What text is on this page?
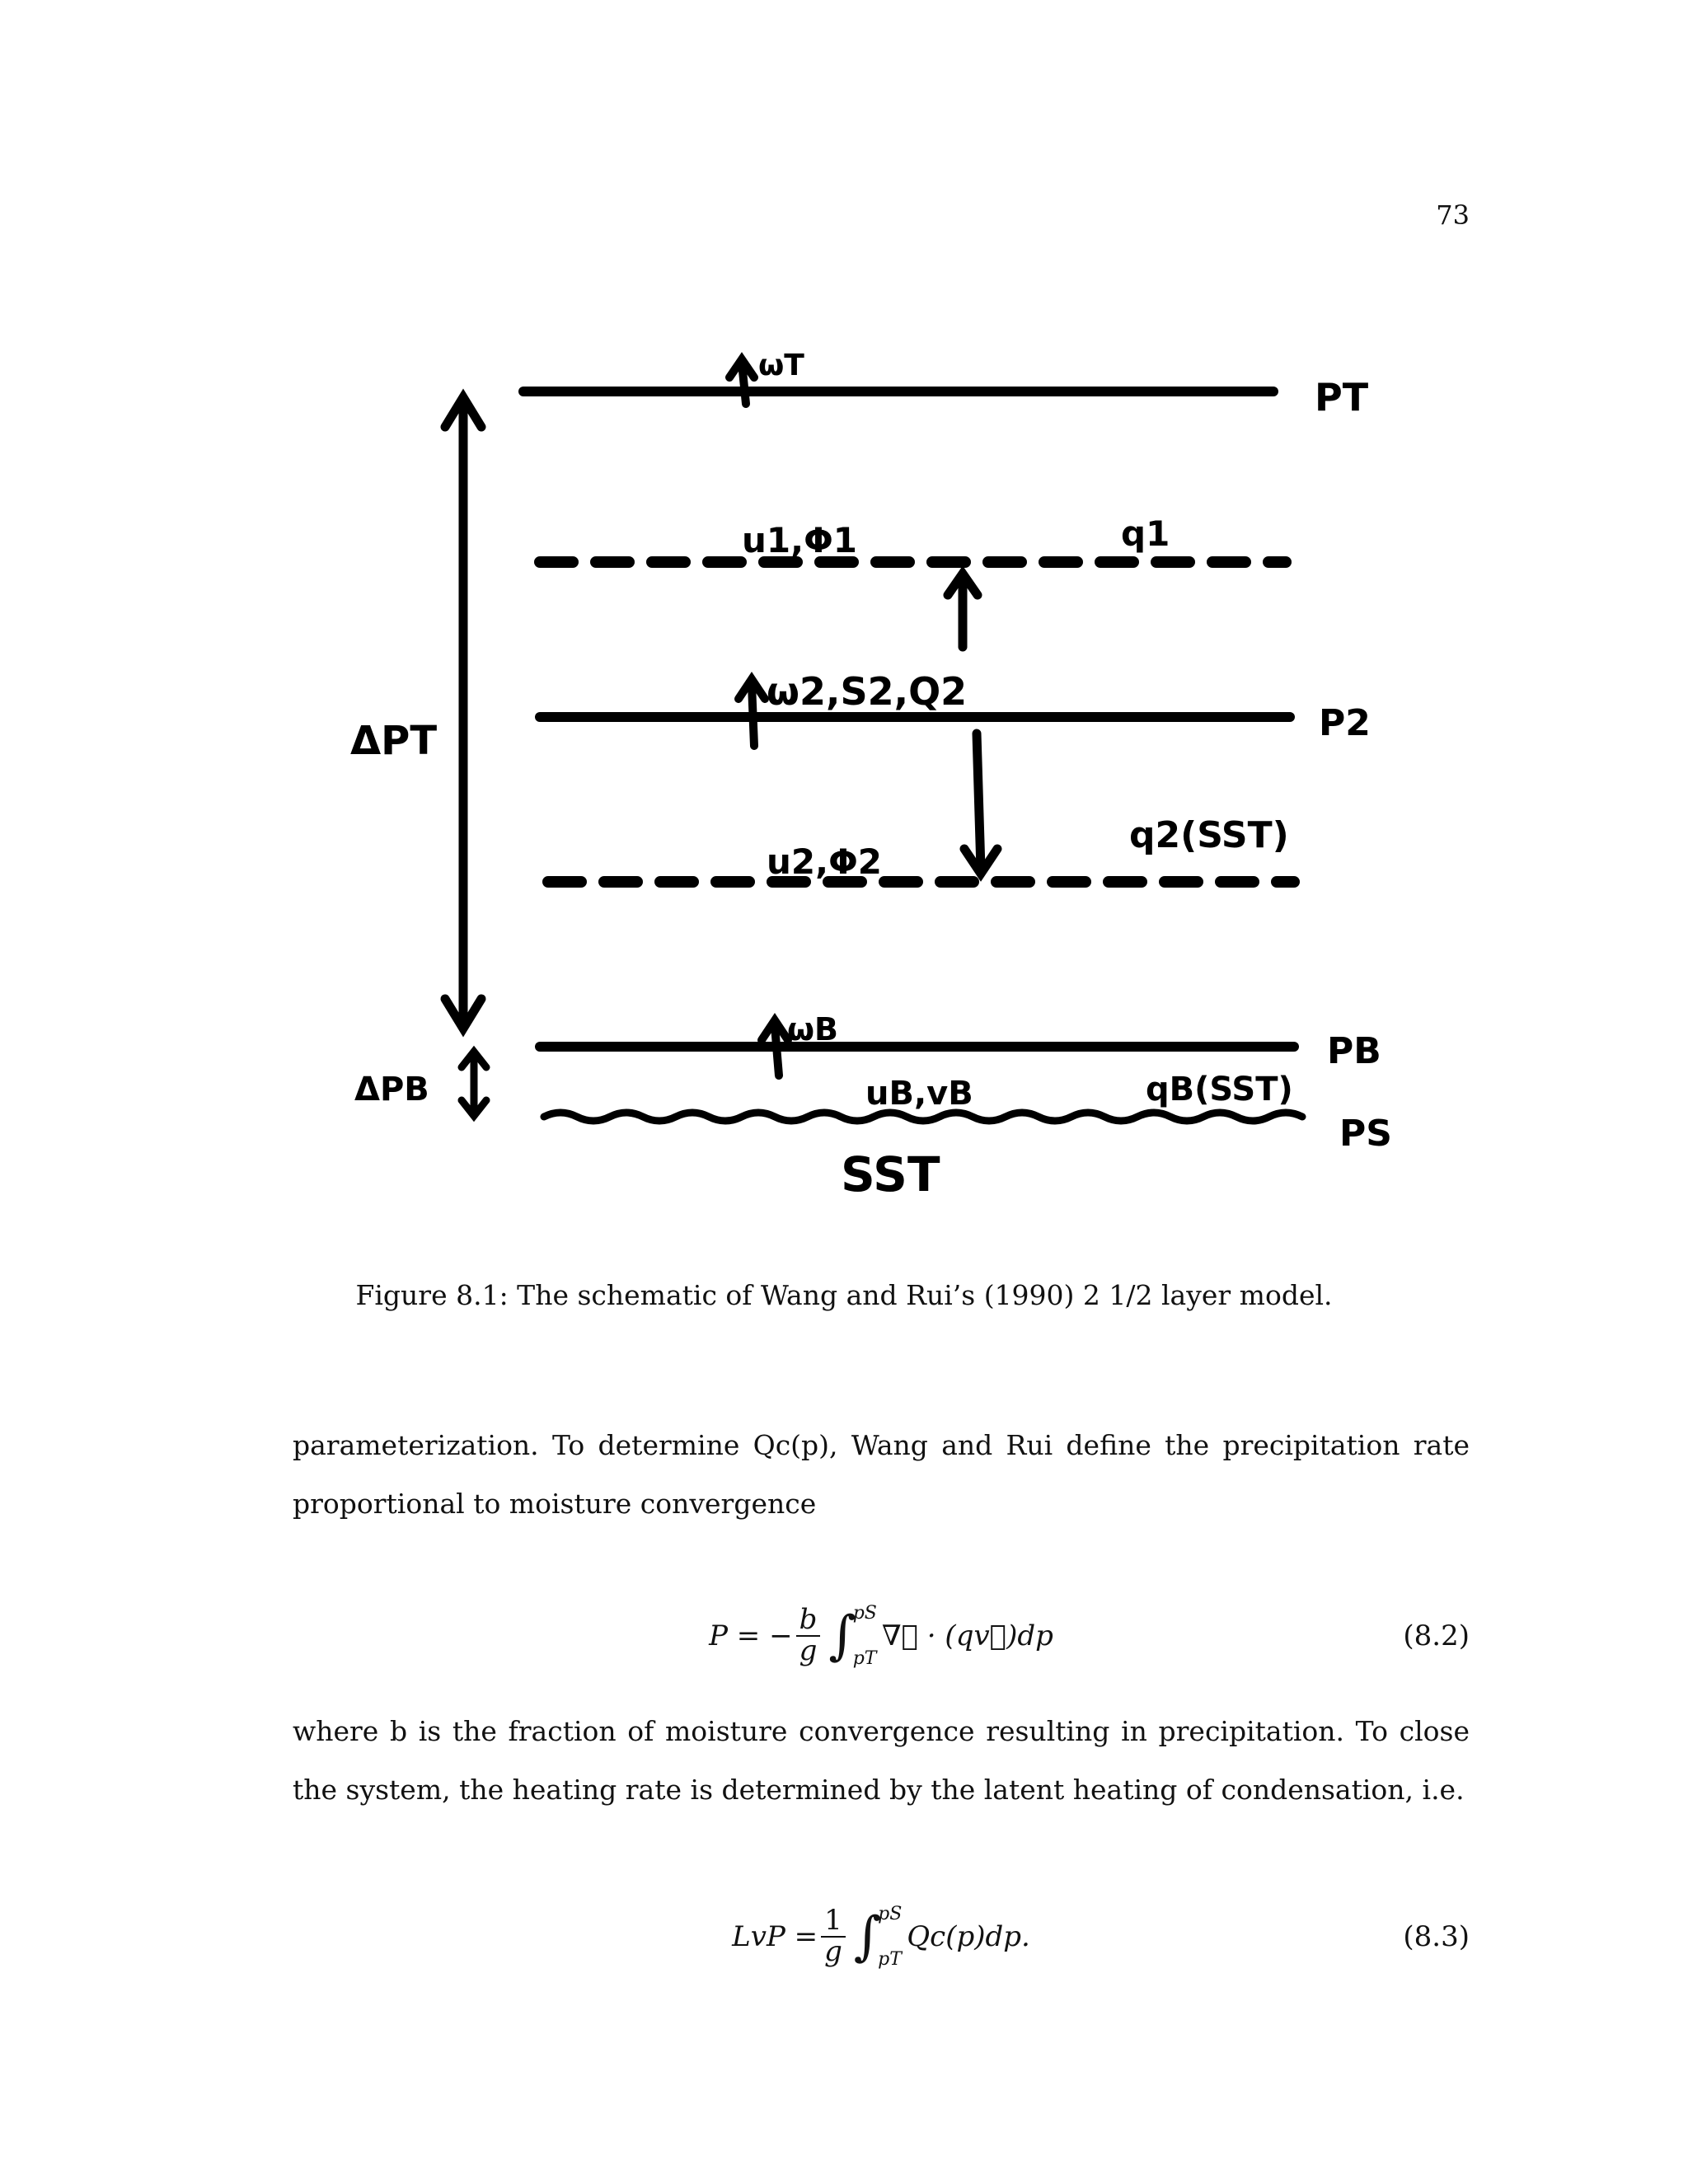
73
PT
P2
PB
PS
ωT
u1,Φ1	q1
ω2,S2,Q2
u2,Φ2
q2(SST)
ωB
uB,vB	qB(SST)
SST
ΔPT
ΔPB
Figure 8.1: The schematic of Wang and Rui’s (1990) 2 1/2 layer model.

parameterization. To determine Qc(p), Wang and Rui define the precipitation rate proportional to moisture convergence

P = − $\frac{b}{g}$ ∫
pS
pT
∇⃗ · (qv⃗)dp	(8.2)

where b is the fraction of moisture convergence resulting in precipitation. To close the system, the heating rate is determined by the latent heating of condensation, i.e.

LvP = $\frac{1}{g}$ ∫
pS
pT
Qc(p)dp.	(8.3)
